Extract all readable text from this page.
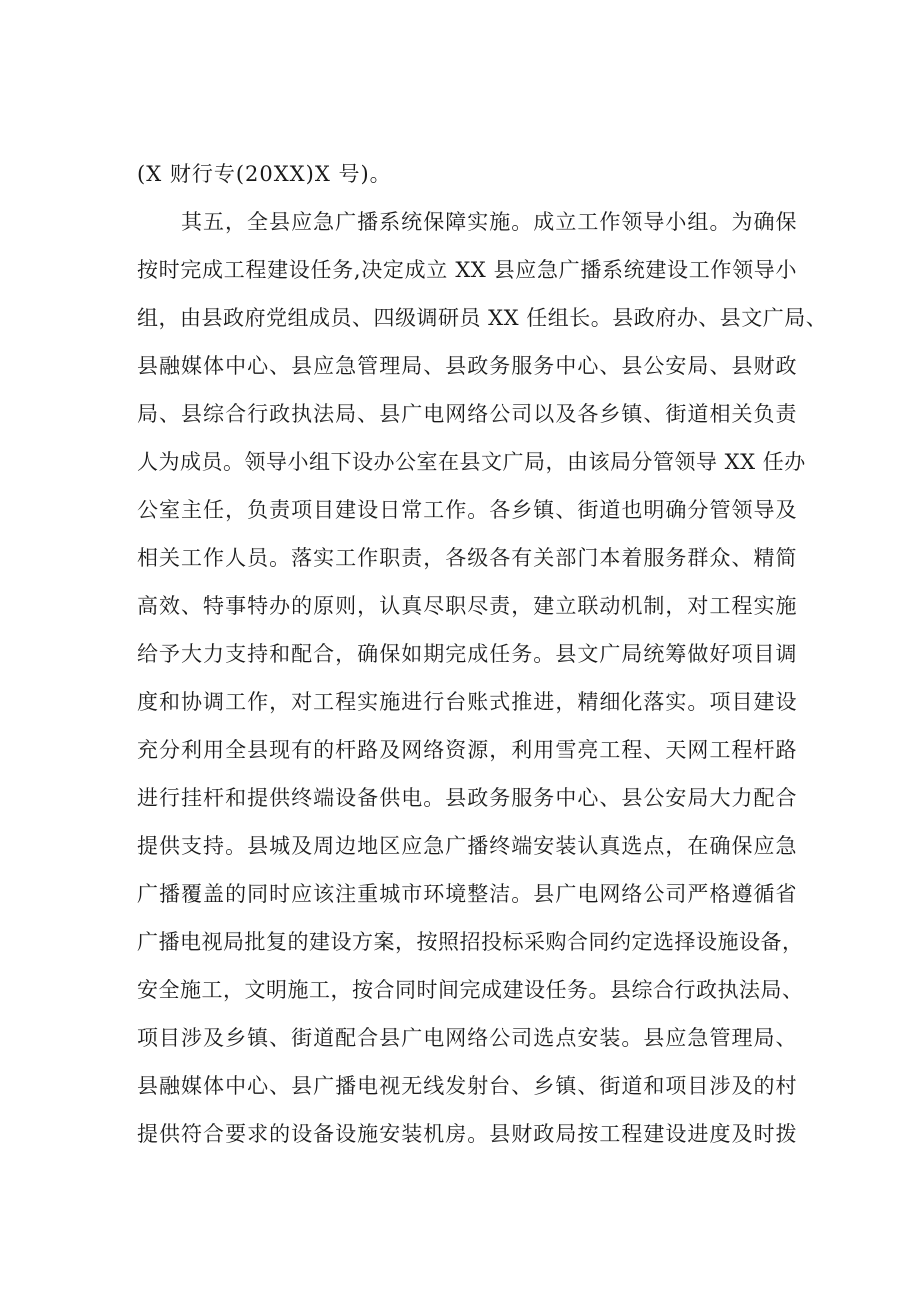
(X 财行专(20XX)X 号)。
其五，全县应急广播系统保障实施。成立工作领导小组。为确保
按时完成工程建设任务,决定成立 XX 县应急广播系统建设工作领导小
组，由县政府党组成员、四级调研员 XX 任组长。县政府办、县文广局、
县融媒体中心、县应急管理局、县政务服务中心、县公安局、县财政
局、县综合行政执法局、县广电网络公司以及各乡镇、街道相关负责
人为成员。领导小组下设办公室在县文广局，由该局分管领导 XX 任办
公室主任，负责项目建设日常工作。各乡镇、街道也明确分管领导及
相关工作人员。落实工作职责，各级各有关部门本着服务群众、精简
高效、特事特办的原则，认真尽职尽责，建立联动机制，对工程实施
给予大力支持和配合，确保如期完成任务。县文广局统筹做好项目调
度和协调工作，对工程实施进行台账式推进，精细化落实。项目建设
充分利用全县现有的杆路及网络资源，利用雪亮工程、天网工程杆路
进行挂杆和提供终端设备供电。县政务服务中心、县公安局大力配合
提供支持。县城及周边地区应急广播终端安装认真选点，在确保应急
广播覆盖的同时应该注重城市环境整洁。县广电网络公司严格遵循省
广播电视局批复的建设方案，按照招投标采购合同约定选择设施设备，
安全施工，文明施工，按合同时间完成建设任务。县综合行政执法局、
项目涉及乡镇、街道配合县广电网络公司选点安装。县应急管理局、
县融媒体中心、县广播电视无线发射台、乡镇、街道和项目涉及的村
提供符合要求的设备设施安装机房。县财政局按工程建设进度及时拨
